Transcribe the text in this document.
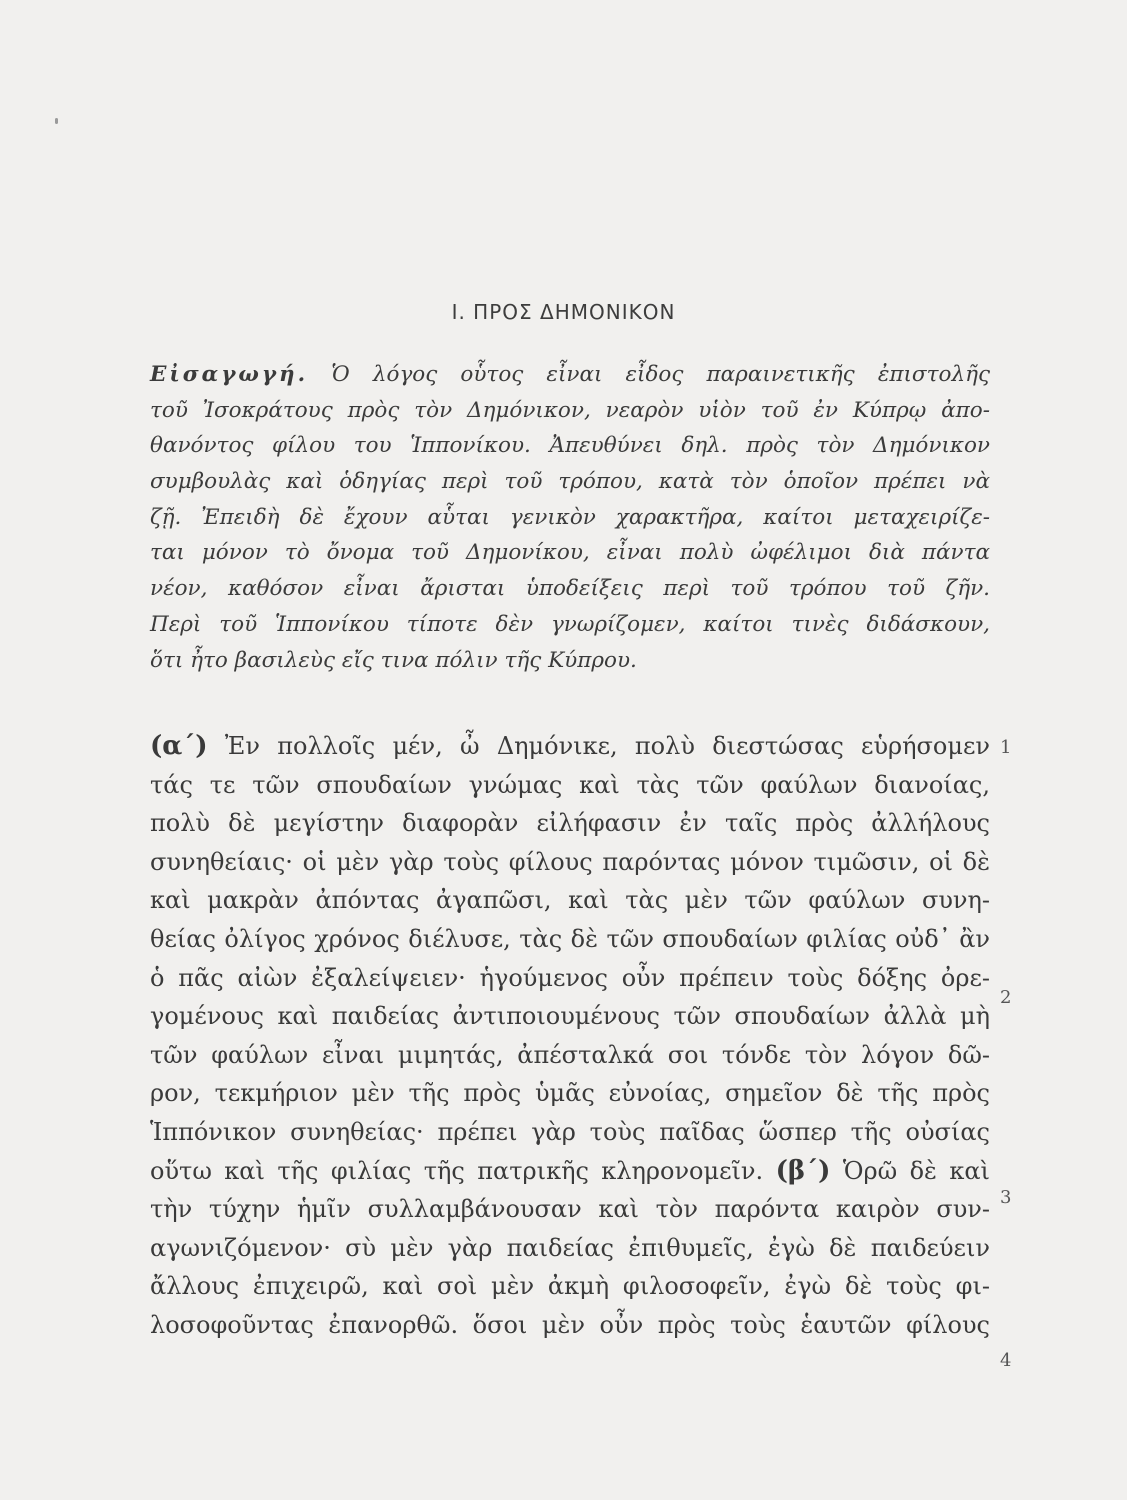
Ι. ΠΡΟΣ ΔΗΜΟΝΙΚΟΝ
Εἰσαγωγή. Ὁ λόγος οὗτος εἶναι εἶδος παραινετικῆς ἐπιστολῆς
τοῦ Ἰσοκράτους πρὸς τὸν Δημόνικον, νεαρὸν υἱὸν τοῦ ἐν Κύπρῳ ἀπο-
θανόντος φίλου του Ἱππονίκου. Ἀπευθύνει δηλ. πρὸς τὸν Δημόνικον
συμβουλὰς καὶ ὁδηγίας περὶ τοῦ τρόπου, κατὰ τὸν ὁποῖον πρέπει νὰ
ζῇ. Ἐπειδὴ δὲ ἔχουν αὗται γενικὸν χαρακτῆρα, καίτοι μεταχειρίζε-
ται μόνον τὸ ὄνομα τοῦ Δημονίκου, εἶναι πολὺ ὠφέλιμοι διὰ πάντα
νέον, καθόσον εἶναι ἄρισται ὑποδείξεις περὶ τοῦ τρόπου τοῦ ζῆν.
Περὶ τοῦ Ἱππονίκου τίποτε δὲν γνωρίζομεν, καίτοι τινὲς διδάσκουν,
ὅτι ἦτο βασιλεὺς εἴς τινα πόλιν τῆς Κύπρου.
(α΄) Ἐν πολλοῖς μέν, ὦ Δημόνικε, πολὺ διεστώσας εὑρήσομεν
τάς τε τῶν σπουδαίων γνώμας καὶ τὰς τῶν φαύλων διανοίας,
πολὺ δὲ μεγίστην διαφορὰν εἰλήφασιν ἐν ταῖς πρὸς ἀλλήλους
συνηθείαις· οἱ μὲν γὰρ τοὺς φίλους παρόντας μόνον τιμῶσιν, οἱ δὲ
καὶ μακρὰν ἀπόντας ἀγαπῶσι, καὶ τὰς μὲν τῶν φαύλων συνη-
θείας ὀλίγος χρόνος διέλυσε, τὰς δὲ τῶν σπουδαίων φιλίας οὐδ᾽ ἂν
ὁ πᾶς αἰὼν ἐξαλείψειεν· ἡγούμενος οὖν πρέπειν τοὺς δόξης ὀρε-
γομένους καὶ παιδείας ἀντιποιουμένους τῶν σπουδαίων ἀλλὰ μὴ
τῶν φαύλων εἶναι μιμητάς, ἀπέσταλκά σοι τόνδε τὸν λόγον δῶ-
ρον, τεκμήριον μὲν τῆς πρὸς ὑμᾶς εὐνοίας, σημεῖον δὲ τῆς πρὸς
Ἱππόνικον συνηθείας· πρέπει γὰρ τοὺς παῖδας ὥσπερ τῆς οὐσίας
οὕτω καὶ τῆς φιλίας τῆς πατρικῆς κληρονομεῖν. (β΄) Ὁρῶ δὲ καὶ
τὴν τύχην ἡμῖν συλλαμβάνουσαν καὶ τὸν παρόντα καιρὸν συν-
αγωνιζόμενον· σὺ μὲν γὰρ παιδείας ἐπιθυμεῖς, ἐγὼ δὲ παιδεύειν
ἄλλους ἐπιχειρῶ, καὶ σοὶ μὲν ἀκμὴ φιλοσοφεῖν, ἐγὼ δὲ τοὺς φι-
λοσοφοῦντας ἐπανορθῶ. ὅσοι μὲν οὖν πρὸς τοὺς ἑαυτῶν φίλους
1
2
3
4
